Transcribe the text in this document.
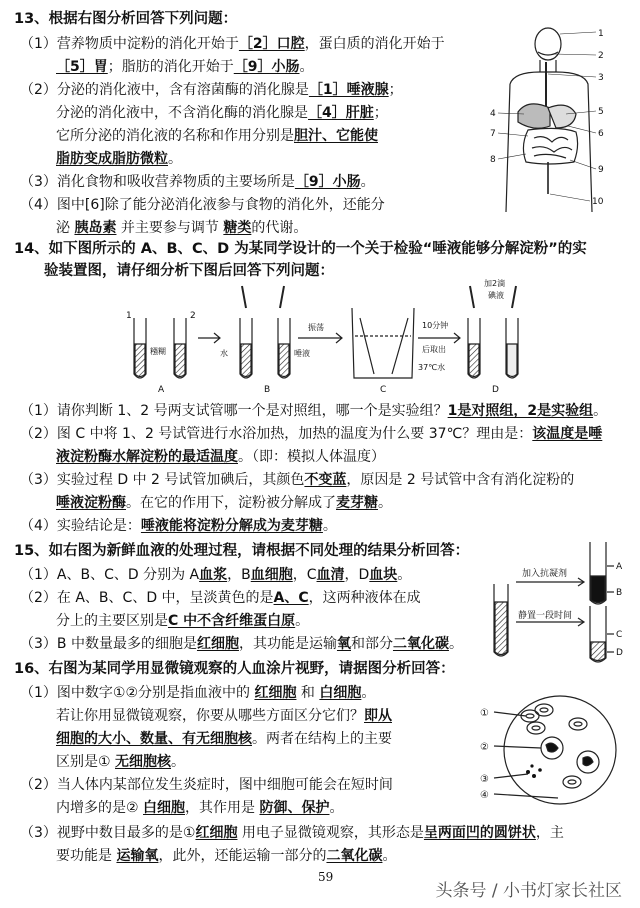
13、根据右图分析回答下列问题：
（1）营养物质中淀粉的消化开始于［2］口腔，蛋白质的消化开始于
［5］胃；脂肪的消化开始于［9］小肠。
（2）分泌的消化液中，含有溶菌酶的消化腺是［1］唾液腺；
分泌的消化液中，不含消化酶的消化腺是［4］肝脏；
它所分泌的消化液的名称和作用分别是胆汁、它能使
脂肪变成脂肪微粒。
（3）消化食物和吸收营养物质的主要场所是［9］小肠。
（4）图中[6]除了能分泌消化液参与食物的消化外，还能分
泌 胰岛素 并主要参与调节 糖类的代谢。
1
2
3
4	5
6
7
8
9
10
14、如下图所示的 A、B、C、D 为某同学设计的一个关于检验“唾液能够分解淀粉”的实
验装置图，请仔细分析下图后回答下列问题：
1	2
糨糊	水	唾液
振荡	10分钟
后取出
37℃水
加2滴
碘液
A	B	C	D
（1）请你判断 1、2 号两支试管哪一个是对照组，哪一个是实验组？1是对照组，2是实验组。
（2）图 C 中将 1、2 号试管进行水浴加热，加热的温度为什么要 37℃？理由是：该温度是唾
液淀粉酶水解淀粉的最适温度。（即：模拟人体温度）
（3）实验过程 D 中 2 号试管加碘后，其颜色不变蓝，原因是 2 号试管中含有消化淀粉的
唾液淀粉酶。在它的作用下，淀粉被分解成了麦芽糖。
（4）实验结论是：唾液能将淀粉分解成为麦芽糖。
15、如右图为新鲜血液的处理过程，请根据不同处理的结果分析回答：
（1）A、B、C、D 分别为 A血浆，B血细胞，C血清，D血块。
（2）在 A、B、C、D 中，呈淡黄色的是A、C，这两种液体在成
分上的主要区别是C 中不含纤维蛋白原。
（3）B 中数量最多的细胞是红细胞，其功能是运输氧和部分二氧化碳。
加入抗凝剂
静置一段时间
A
B
C
D
16、右图为某同学用显微镜观察的人血涂片视野，请据图分析回答：
（1）图中数字①②分别是指血液中的 红细胞 和 白细胞。
若让你用显微镜观察，你要从哪些方面区分它们？即从
细胞的大小、数量、有无细胞核。两者在结构上的主要
区别是① 无细胞核。
（2）当人体内某部位发生炎症时，图中细胞可能会在短时间
内增多的是② 白细胞，其作用是 防御、保护。
（3）视野中数目最多的是①红细胞 用电子显微镜观察，其形态是呈两面凹的圆饼状，主
要功能是 运输氧，此外，还能运输一部分的二氧化碳。
①
②
③
④
59
头条号 / 小书灯家长社区
